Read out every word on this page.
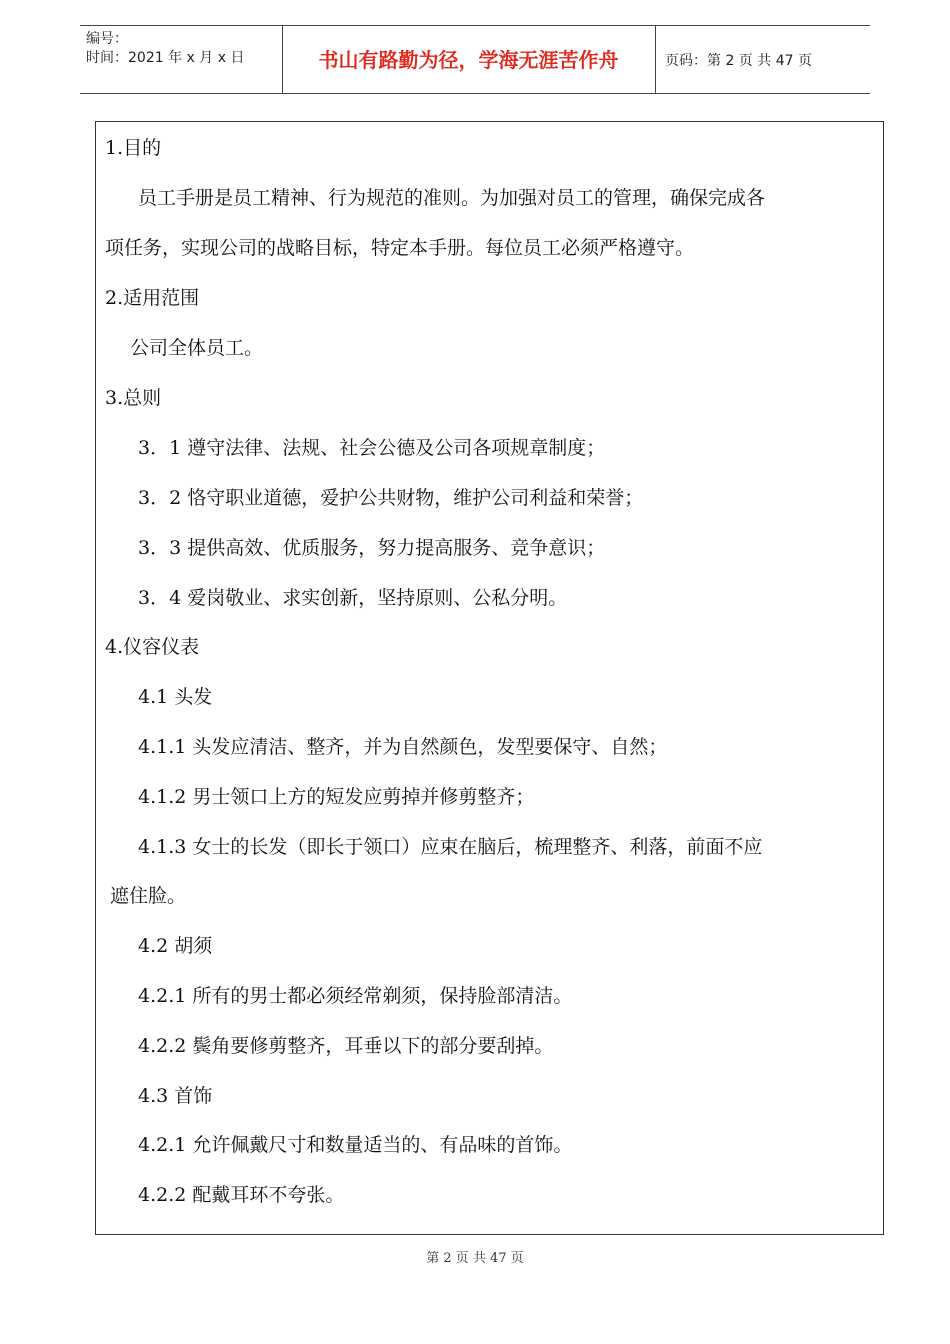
编号：
时间：2021 年 x 月 x 日	书山有路勤为径，学海无涯苦作舟	页码：第 2 页 共 47 页
1.目的
员工手册是员工精神、行为规范的准则。为加强对员工的管理，确保完成各
项任务，实现公司的战略目标，特定本手册。每位员工必须严格遵守。
2.适用范围
公司全体员工。
3.总则
3．1 遵守法律、法规、社会公德及公司各项规章制度；
3．2 恪守职业道德，爱护公共财物，维护公司利益和荣誉；
3．3 提供高效、优质服务，努力提高服务、竞争意识；
3．4 爱岗敬业、求实创新，坚持原则、公私分明。
4.仪容仪表
4.1 头发
4.1.1 头发应清洁、整齐，并为自然颜色，发型要保守、自然；
4.1.2 男士领口上方的短发应剪掉并修剪整齐；
4.1.3 女士的长发（即长于领口）应束在脑后，梳理整齐、利落，前面不应
遮住脸。
4.2 胡须
4.2.1 所有的男士都必须经常剃须，保持脸部清洁。
4.2.2 鬓角要修剪整齐，耳垂以下的部分要刮掉。
4.3 首饰
4.2.1 允许佩戴尺寸和数量适当的、有品味的首饰。
4.2.2 配戴耳环不夸张。
第 2 页 共 47 页
